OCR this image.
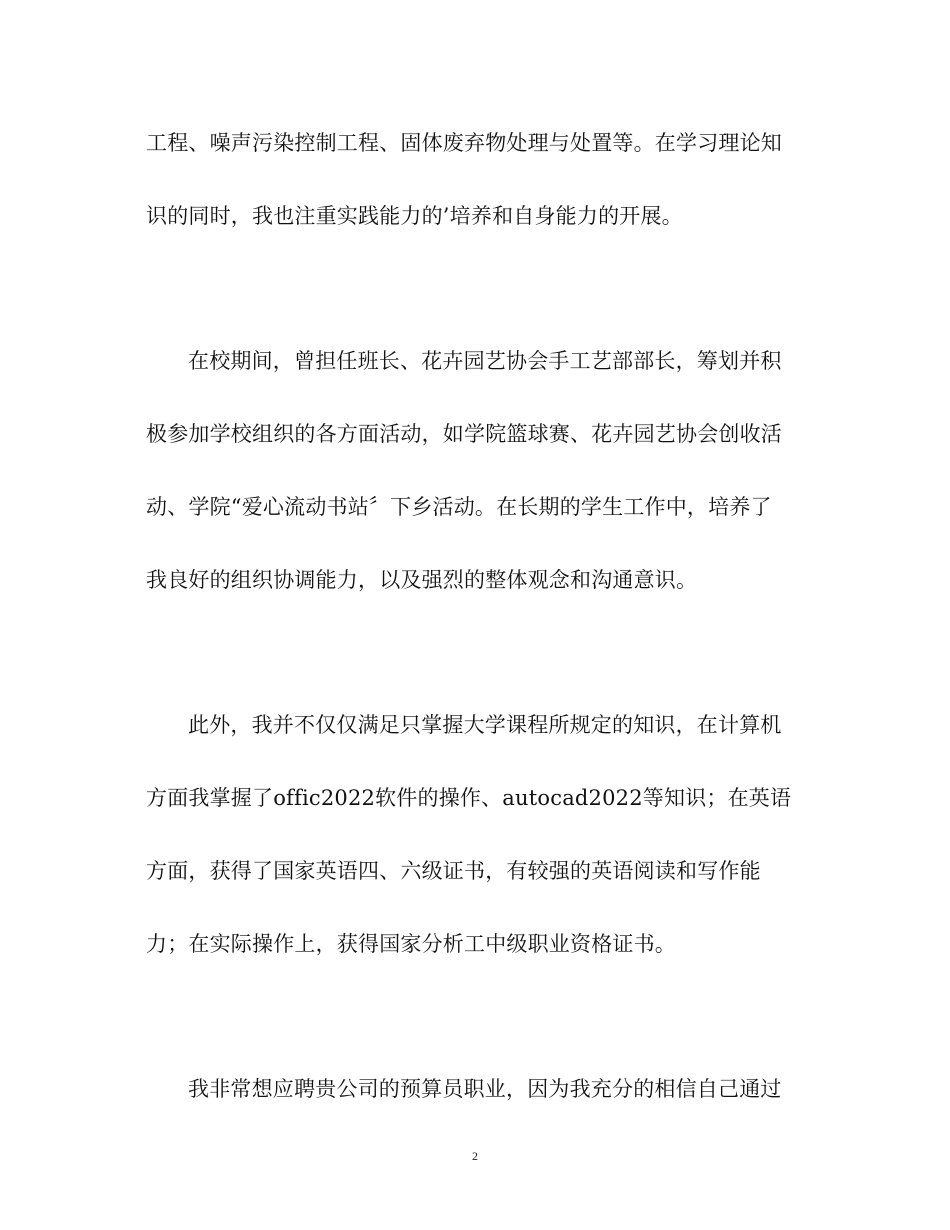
工程、噪声污染控制工程、固体废弃物处理与处置等。在学习理论知

识的同时，我也注重实践能力的’培养和自身能力的开展。

在校期间，曾担任班长、花卉园艺协会手工艺部部长，筹划并积

极参加学校组织的各方面活动，如学院篮球赛、花卉园艺协会创收活

动、学院“爱心流动书站〞下乡活动。在长期的学生工作中，培养了

我良好的组织协调能力，以及强烈的整体观念和沟通意识。

此外，我并不仅仅满足只掌握大学课程所规定的知识，在计算机

方面我掌握了offic2022软件的操作、autocad2022等知识；在英语

方面，获得了国家英语四、六级证书，有较强的英语阅读和写作能

力；在实际操作上，获得国家分析工中级职业资格证书。

我非常想应聘贵公司的预算员职业，因为我充分的相信自己通过

2
